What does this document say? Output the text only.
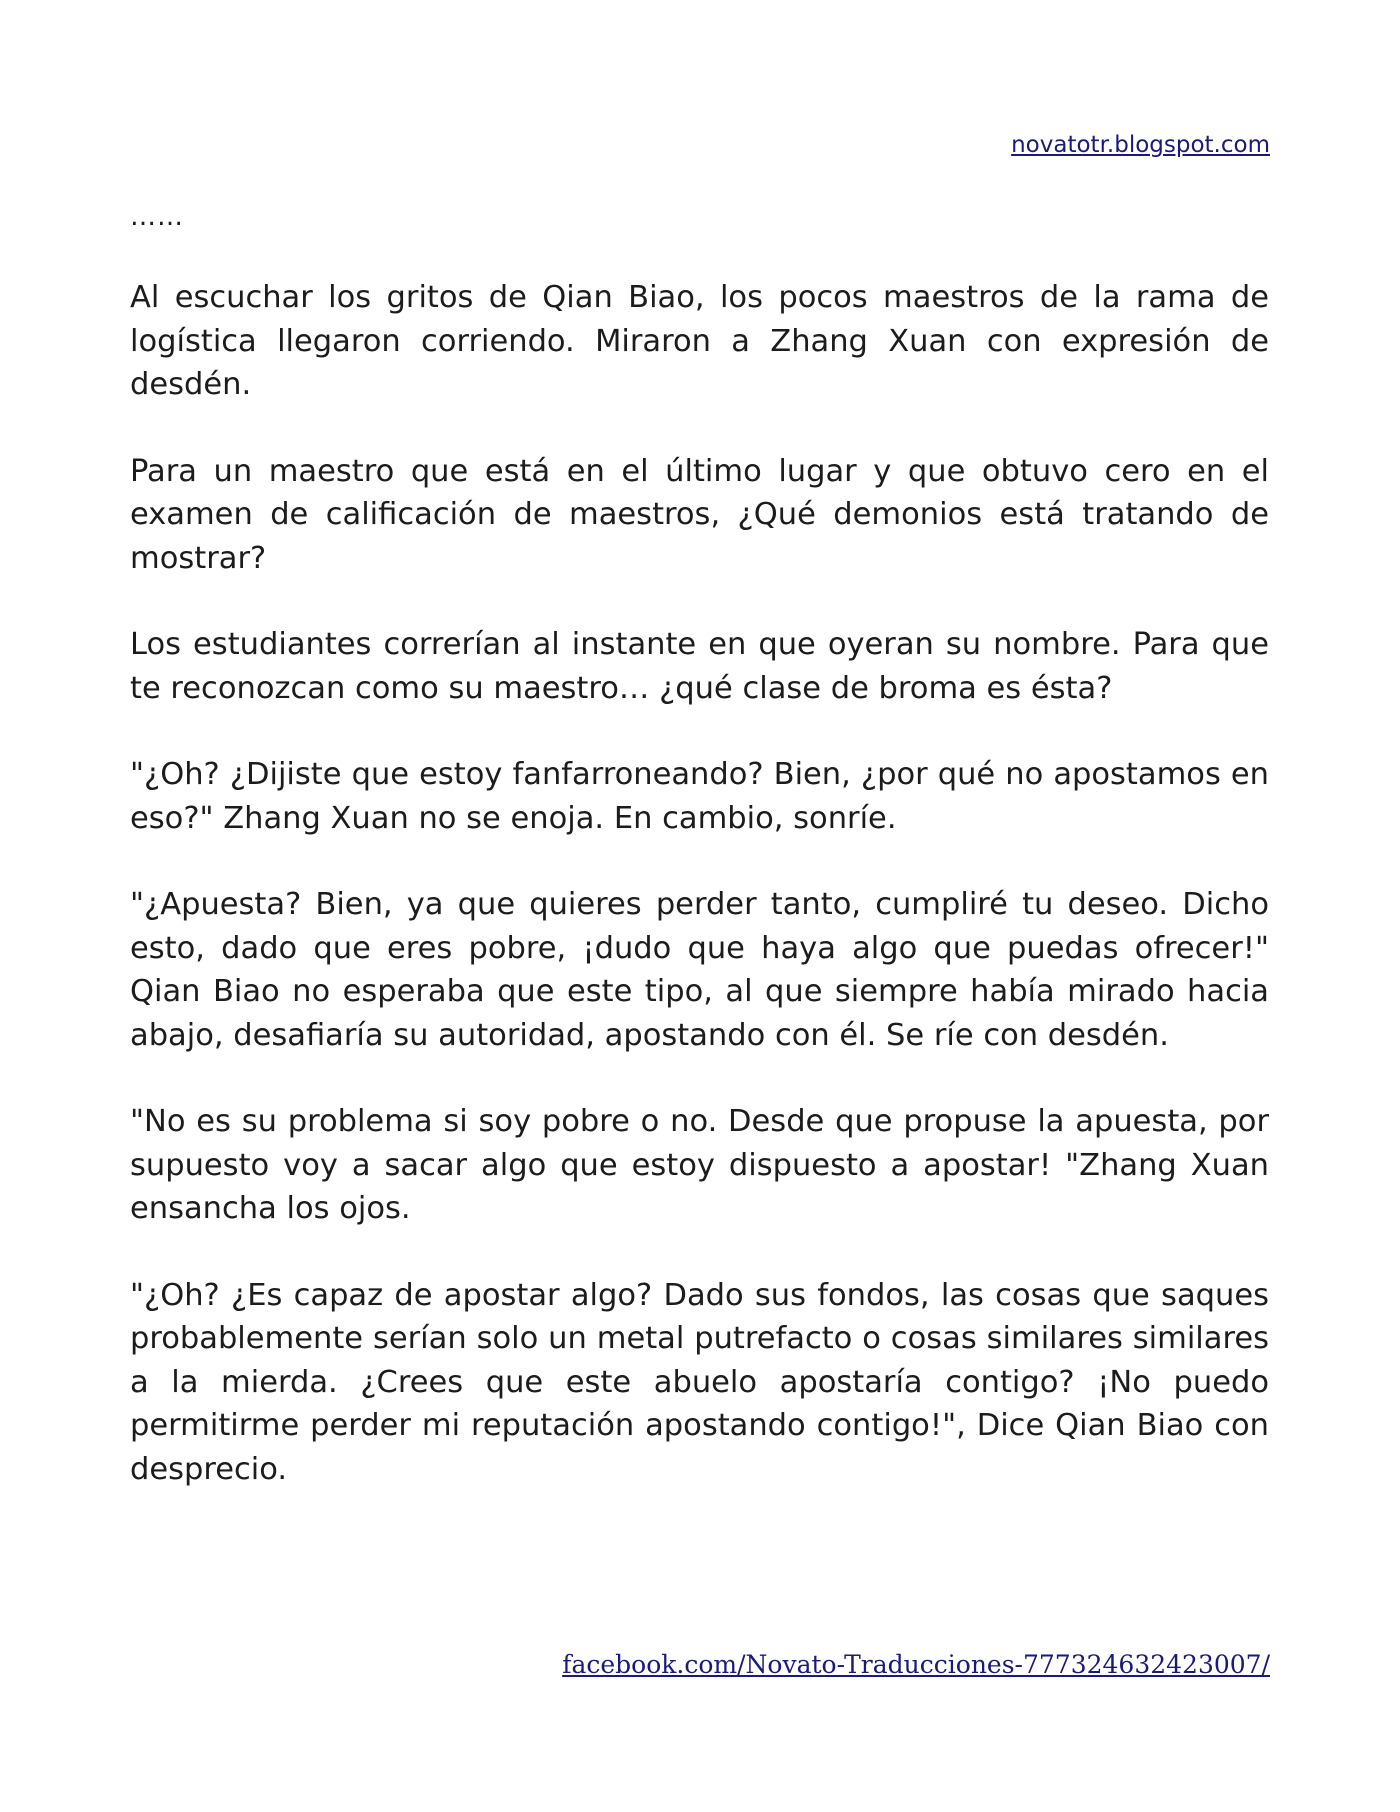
novatotr.blogspot.com
……

Al escuchar los gritos de Qian Biao, los pocos maestros de la rama de logística llegaron corriendo. Miraron a Zhang Xuan con expresión de desdén.

Para un maestro que está en el último lugar y que obtuvo cero en el examen de calificación de maestros, ¿Qué demonios está tratando de mostrar?

Los estudiantes correrían al instante en que oyeran su nombre. Para que te reconozcan como su maestro… ¿qué clase de broma es ésta?

"¿Oh? ¿Dijiste que estoy fanfarroneando? Bien, ¿por qué no apostamos en eso?" Zhang Xuan no se enoja. En cambio, sonríe.

"¿Apuesta? Bien, ya que quieres perder tanto, cumpliré tu deseo. Dicho esto, dado que eres pobre, ¡dudo que haya algo que puedas ofrecer!" Qian Biao no esperaba que este tipo, al que siempre había mirado hacia abajo, desafiaría su autoridad, apostando con él. Se ríe con desdén.

"No es su problema si soy pobre o no. Desde que propuse la apuesta, por supuesto voy a sacar algo que estoy dispuesto a apostar! "Zhang Xuan ensancha los ojos.

"¿Oh? ¿Es capaz de apostar algo? Dado sus fondos, las cosas que saques probablemente serían solo un metal putrefacto o cosas similares similares a la mierda. ¿Crees que este abuelo apostaría contigo? ¡No puedo permitirme perder mi reputación apostando contigo!", Dice Qian Biao con desprecio.

facebook.com/Novato-Traducciones-777324632423007/
